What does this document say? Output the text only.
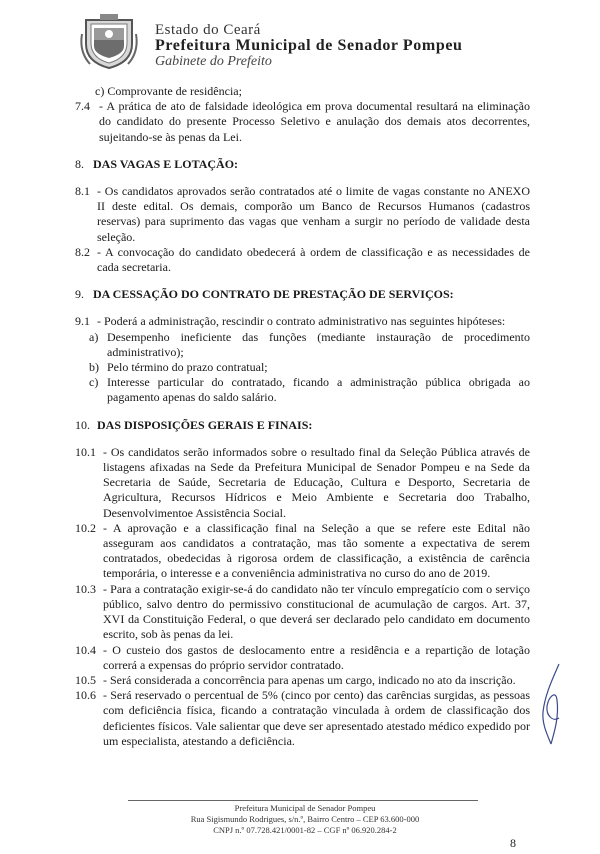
Estado do Ceará
Prefeitura Municipal de Senador Pompeu
Gabinete do Prefeito
c) Comprovante de residência;
7.4 - A prática de ato de falsidade ideológica em prova documental resultará na eliminação do candidato do presente Processo Seletivo e anulação dos demais atos decorrentes, sujeitando-se às penas da Lei.
8. DAS VAGAS E LOTAÇÃO:
8.1 - Os candidatos aprovados serão contratados até o limite de vagas constante no ANEXO II deste edital. Os demais, comporão um Banco de Recursos Humanos (cadastros reservas) para suprimento das vagas que venham a surgir no período de validade desta seleção.
8.2 - A convocação do candidato obedecerá à ordem de classificação e as necessidades de cada secretaria.
9. DA CESSAÇÃO DO CONTRATO DE PRESTAÇÃO DE SERVIÇOS:
9.1 - Poderá a administração, rescindir o contrato administrativo nas seguintes hipóteses:
a) Desempenho ineficiente das funções (mediante instauração de procedimento administrativo);
b) Pelo término do prazo contratual;
c) Interesse particular do contratado, ficando a administração pública obrigada ao pagamento apenas do saldo salário.
10. DAS DISPOSIÇÕES GERAIS E FINAIS:
10.1 - Os candidatos serão informados sobre o resultado final da Seleção Pública através de listagens afixadas na Sede da Prefeitura Municipal de Senador Pompeu e na Sede da Secretaria de Saúde, Secretaria de Educação, Cultura e Desporto, Secretaria de Agricultura, Recursos Hídricos e Meio Ambiente e Secretaria doo Trabalho, Desenvolvimentoe Assistência Social.
10.2 - A aprovação e a classificação final na Seleção a que se refere este Edital não asseguram aos candidatos a contratação, mas tão somente a expectativa de serem contratados, obedecidas à rigorosa ordem de classificação, a existência de carência temporária, o interesse e a conveniência administrativa no curso do ano de 2019.
10.3 - Para a contratação exigir-se-á do candidato não ter vínculo empregatício com o serviço público, salvo dentro do permissivo constitucional de acumulação de cargos. Art. 37, XVI da Constituição Federal, o que deverá ser declarado pelo candidato em documento escrito, sob às penas da lei.
10.4 - O custeio dos gastos de deslocamento entre a residência e a repartição de lotação correrá a expensas do próprio servidor contratado.
10.5 - Será considerada a concorrência para apenas um cargo, indicado no ato da inscrição.
10.6 - Será reservado o percentual de 5% (cinco por cento) das carências surgidas, as pessoas com deficiência física, ficando a contratação vinculada à ordem de classificação dos deficientes físicos. Vale salientar que deve ser apresentado atestado médico expedido por um especialista, atestando a deficiência.
Prefeitura Municipal de Senador Pompeu
Rua Sigismundo Rodrigues, s/n.º, Bairro Centro – CEP 63.600-000
CNPJ n.º 07.728.421/0001-82 – CGF nº 06.920.284-2
8
